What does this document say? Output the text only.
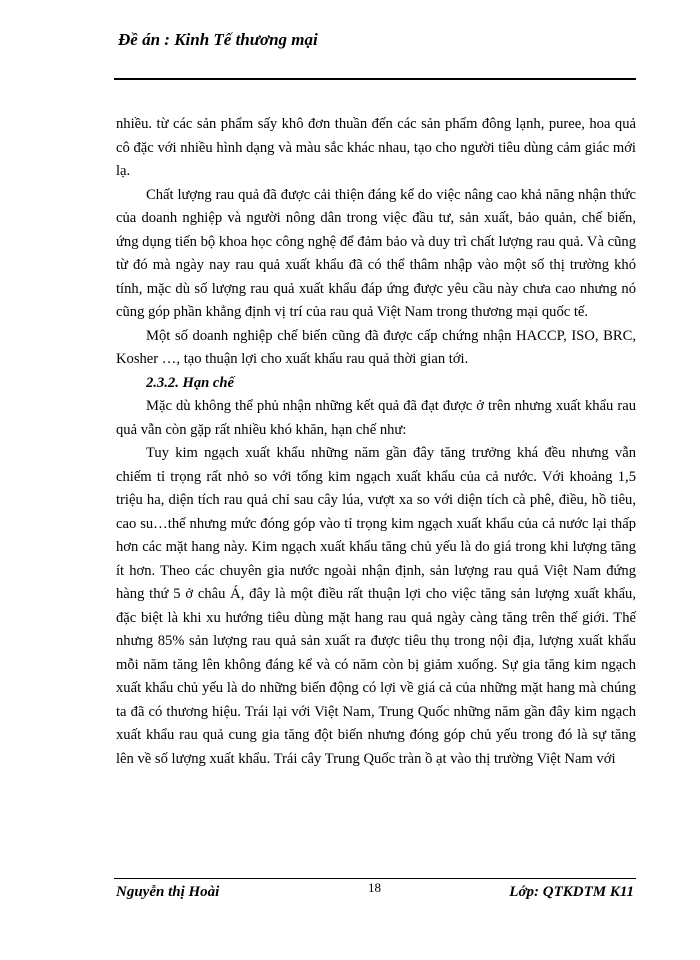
Đề án : Kinh Tế thương mại

nhiều. từ các sản phẩm sấy khô đơn thuần đến các sản phẩm đông lạnh, puree, hoa quả cô đặc với nhiều hình dạng và màu sắc khác nhau, tạo cho người tiêu dùng cảm giác mới lạ.

Chất lượng rau quả đã được cải thiện đáng kể do việc nâng cao khả năng nhận thức của doanh nghiệp và người nông dân trong việc đầu tư, sản xuất, bảo quản, chế biến, ứng dụng tiến bộ khoa học công nghệ để đảm bảo và duy trì chất lượng rau quả. Và cũng từ đó mà ngày nay rau quả xuất khẩu đã có thể thâm nhập vào một số thị trường khó tính, mặc dù số lượng rau quả xuất khẩu đáp ứng được yêu cầu này chưa cao nhưng nó cũng góp phần khẳng định vị trí của rau quả Việt Nam trong thương mại quốc tế.

Một số doanh nghiệp chế biến cũng đã được cấp chứng nhận HACCP, ISO, BRC, Kosher …, tạo thuận lợi cho xuất khẩu rau quả thời gian tới.

2.3.2. Hạn chế

Mặc dù không thể phủ nhận những kết quả đã đạt được ở trên nhưng xuất khẩu rau quả vẫn còn gặp rất nhiều khó khăn, hạn chế như:

Tuy kim ngạch xuất khẩu những năm gần đây tăng trưởng khá đều nhưng vẫn chiếm tỉ trọng rất nhỏ so với tổng kim ngạch xuất khẩu của cả nước. Với khoảng 1,5 triệu ha, diện tích rau quả chỉ sau cây lúa, vượt xa so với diện tích cà phê, điều, hồ tiêu, cao su…thế nhưng mức đóng góp vào tỉ trọng kim ngạch xuất khẩu của cả nước lại thấp hơn các mặt hang này. Kim ngạch xuất khẩu tăng chủ yếu là do giá trong khi lượng tăng ít hơn. Theo các chuyên gia nước ngoài nhận định, sản lượng rau quả Việt Nam đứng hàng thứ 5 ở châu Á, đây là một điều rất thuận lợi cho việc tăng sản lượng xuất khẩu, đặc biệt là khi xu hướng tiêu dùng mặt hang rau quả ngày càng tăng trên thế giới. Thế nhưng 85% sản lượng rau quả sản xuất ra được tiêu thụ trong nội địa, lượng xuất khẩu mỗi năm tăng lên không đáng kể và có năm còn bị giảm xuống. Sự gia tăng kim ngạch xuất khẩu chủ yếu là do những biến động có lợi về giá cả của những mặt hang mà chúng ta đã có thương hiệu. Trái lại với Việt Nam, Trung Quốc những năm gần đây kim ngạch xuất khẩu rau quả cung gia tăng đột biến nhưng đóng góp chủ yếu trong đó là sự tăng lên về số lượng xuất khẩu. Trái cây Trung Quốc tràn ồ ạt vào thị trường Việt Nam với

Nguyễn thị Hoài	18	Lớp: QTKDTM K11
